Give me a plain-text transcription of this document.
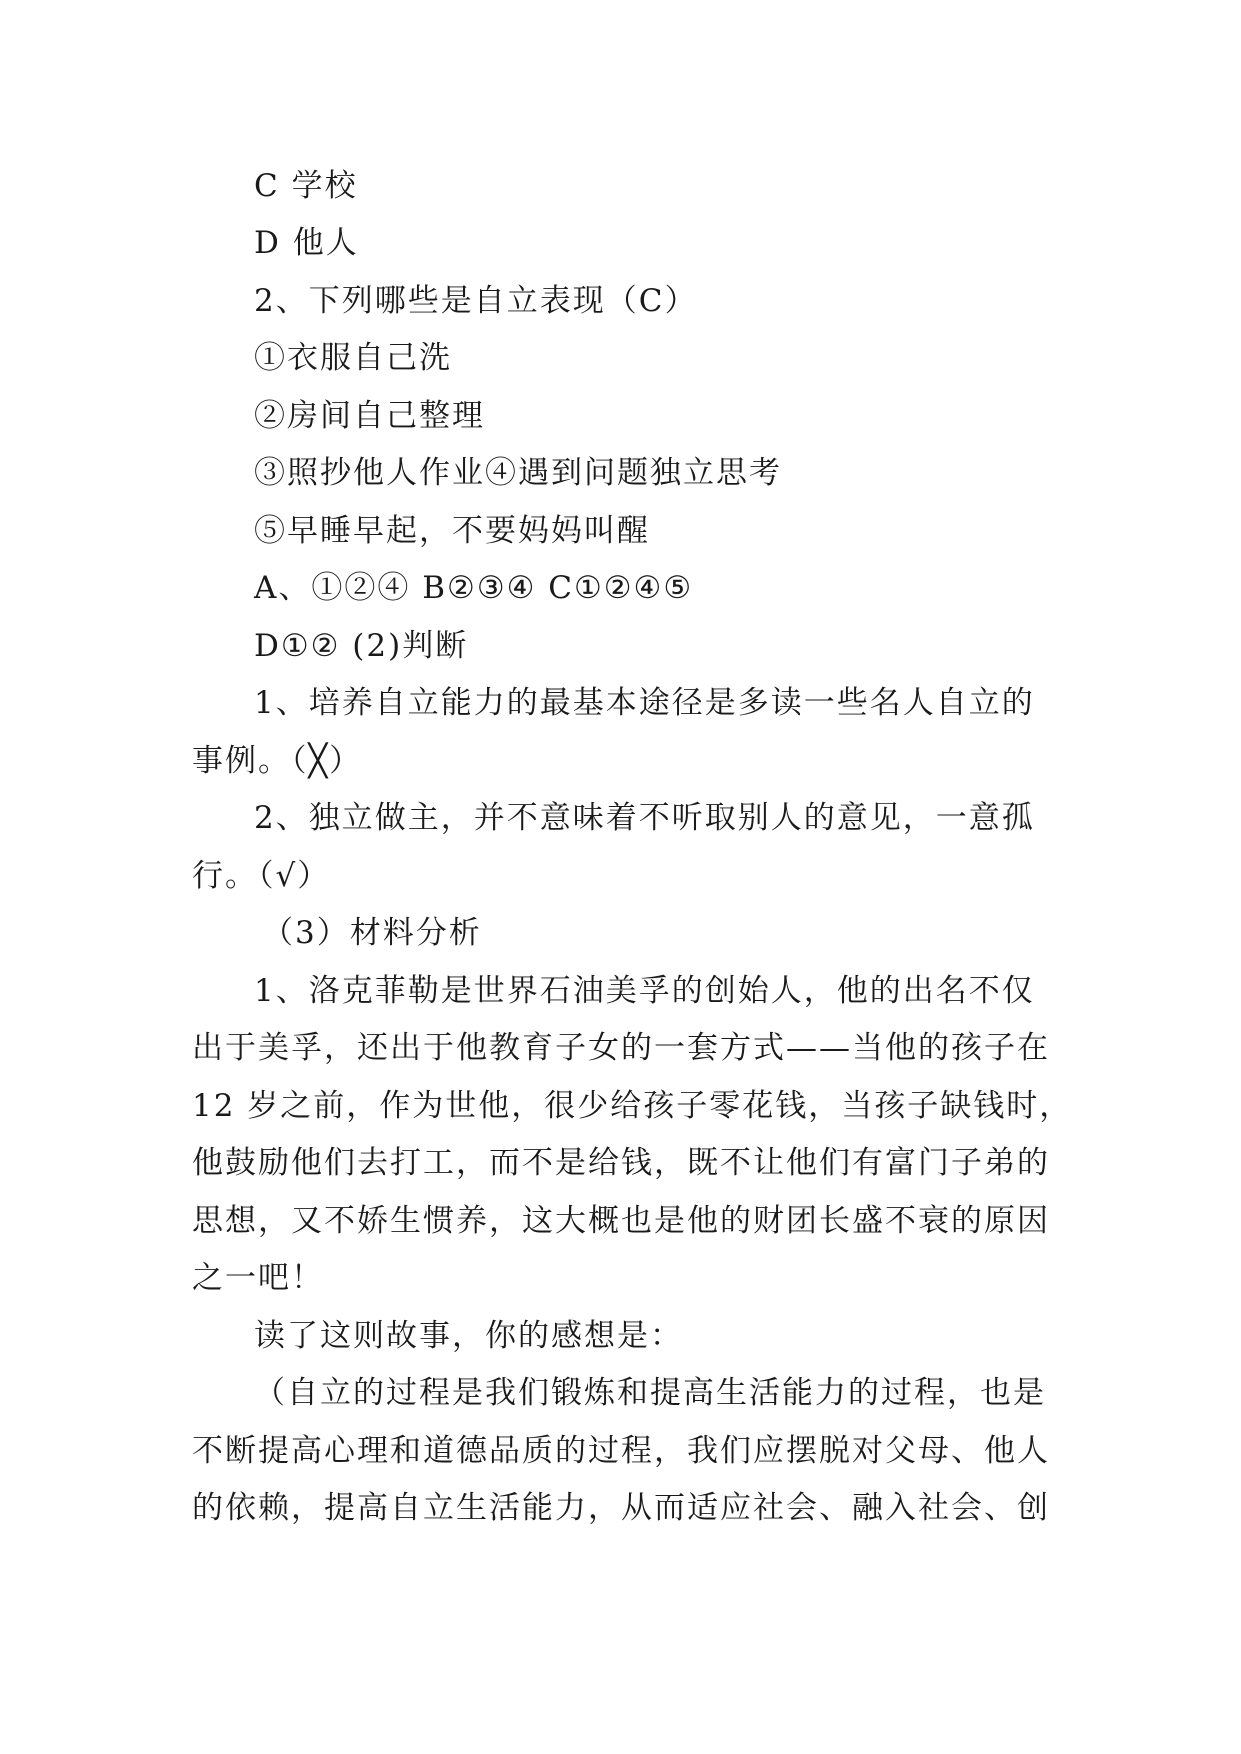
C 学校
D 他人
2、下列哪些是自立表现（C）
①衣服自己洗
②房间自己整理
③照抄他人作业④遇到问题独立思考
⑤早睡早起，不要妈妈叫醒
A、①②④ B②③④ C①②④⑤
D①② (2)判断
1、培养自立能力的最基本途径是多读一些名人自立的
事例。（╳）
2、独立做主，并不意味着不听取别人的意见，一意孤
行。（√）
（3）材料分析
1、洛克菲勒是世界石油美孚的创始人，他的出名不仅
出于美孚，还出于他教育子女的一套方式——当他的孩子在
12 岁之前，作为世他，很少给孩子零花钱，当孩子缺钱时，
他鼓励他们去打工，而不是给钱，既不让他们有富门子弟的
思想，又不娇生惯养，这大概也是他的财团长盛不衰的原因
之一吧！
读了这则故事，你的感想是：
（自立的过程是我们锻炼和提高生活能力的过程，也是
不断提高心理和道德品质的过程，我们应摆脱对父母、他人
的依赖，提高自立生活能力，从而适应社会、融入社会、创
